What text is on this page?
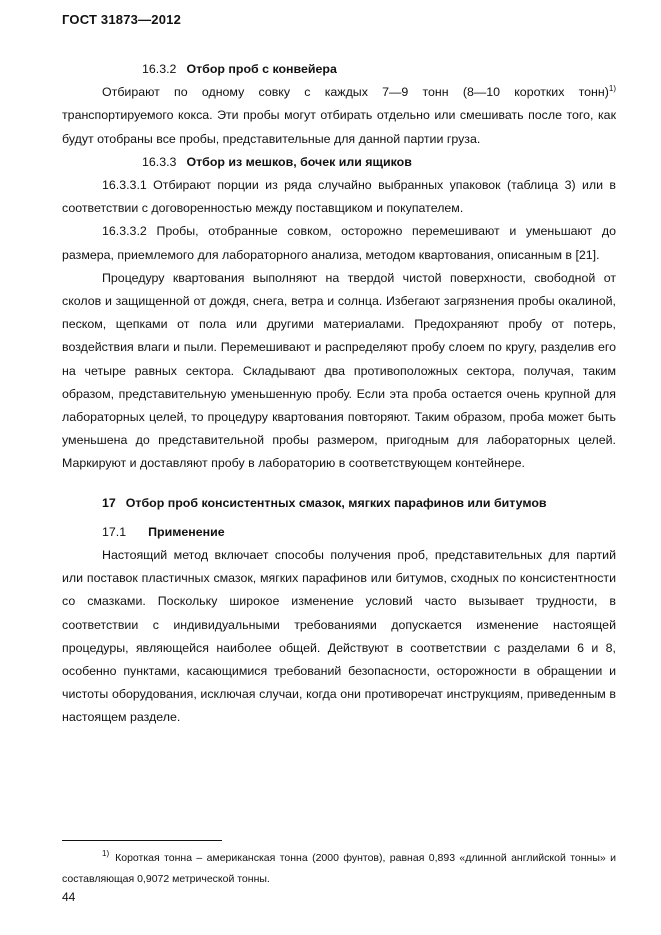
ГОСТ 31873—2012
16.3.2 Отбор проб с конвейера

Отбирают по одному совку с каждых 7—9 тонн (8—10 коротких тонн)$^{1)}$ транспортируемого кокса. Эти пробы могут отбирать отдельно или смешивать после того, как будут отобраны все пробы, представительные для данной партии груза.

16.3.3 Отбор из мешков, бочек или ящиков

16.3.3.1 Отбирают порции из ряда случайно выбранных упаковок (таблица 3) или в соответствии с договоренностью между поставщиком и покупателем.

16.3.3.2 Пробы, отобранные совком, осторожно перемешивают и уменьшают до размера, приемлемого для лабораторного анализа, методом квартования, описанным в [21].

Процедуру квартования выполняют на твердой чистой поверхности, свободной от сколов и защищенной от дождя, снега, ветра и солнца. Избегают загрязнения пробы окалиной, песком, щепками от пола или другими материалами. Предохраняют пробу от потерь, воздействия влаги и пыли. Перемешивают и распределяют пробу слоем по кругу, разделив его на четыре равных сектора. Складывают два противоположных сектора, получая, таким образом, представительную уменьшенную пробу. Если эта проба остается очень крупной для лабораторных целей, то процедуру квартования повторяют. Таким образом, проба может быть уменьшена до представительной пробы размером, пригодным для лабораторных целей. Маркируют и доставляют пробу в лабораторию в соответствующем контейнере.

17 Отбор проб консистентных смазок, мягких парафинов или битумов
17.1 Применение

Настоящий метод включает способы получения проб, представительных для партий или поставок пластичных смазок, мягких парафинов или битумов, сходных по консистентности со смазками. Поскольку широкое изменение условий часто вызывает трудности, в соответствии с индивидуальными требованиями допускается изменение настоящей процедуры, являющейся наиболее общей. Действуют в соответствии с разделами 6 и 8, особенно пунктами, касающимися требований безопасности, осторожности в обращении и чистоты оборудования, исключая случаи, когда они противоречат инструкциям, приведенным в настоящем разделе.

$^{1)}$ Короткая тонна – американская тонна (2000 фунтов), равная 0,893 «длинной английской тонны» и составляющая 0,9072 метрической тонны.
44
